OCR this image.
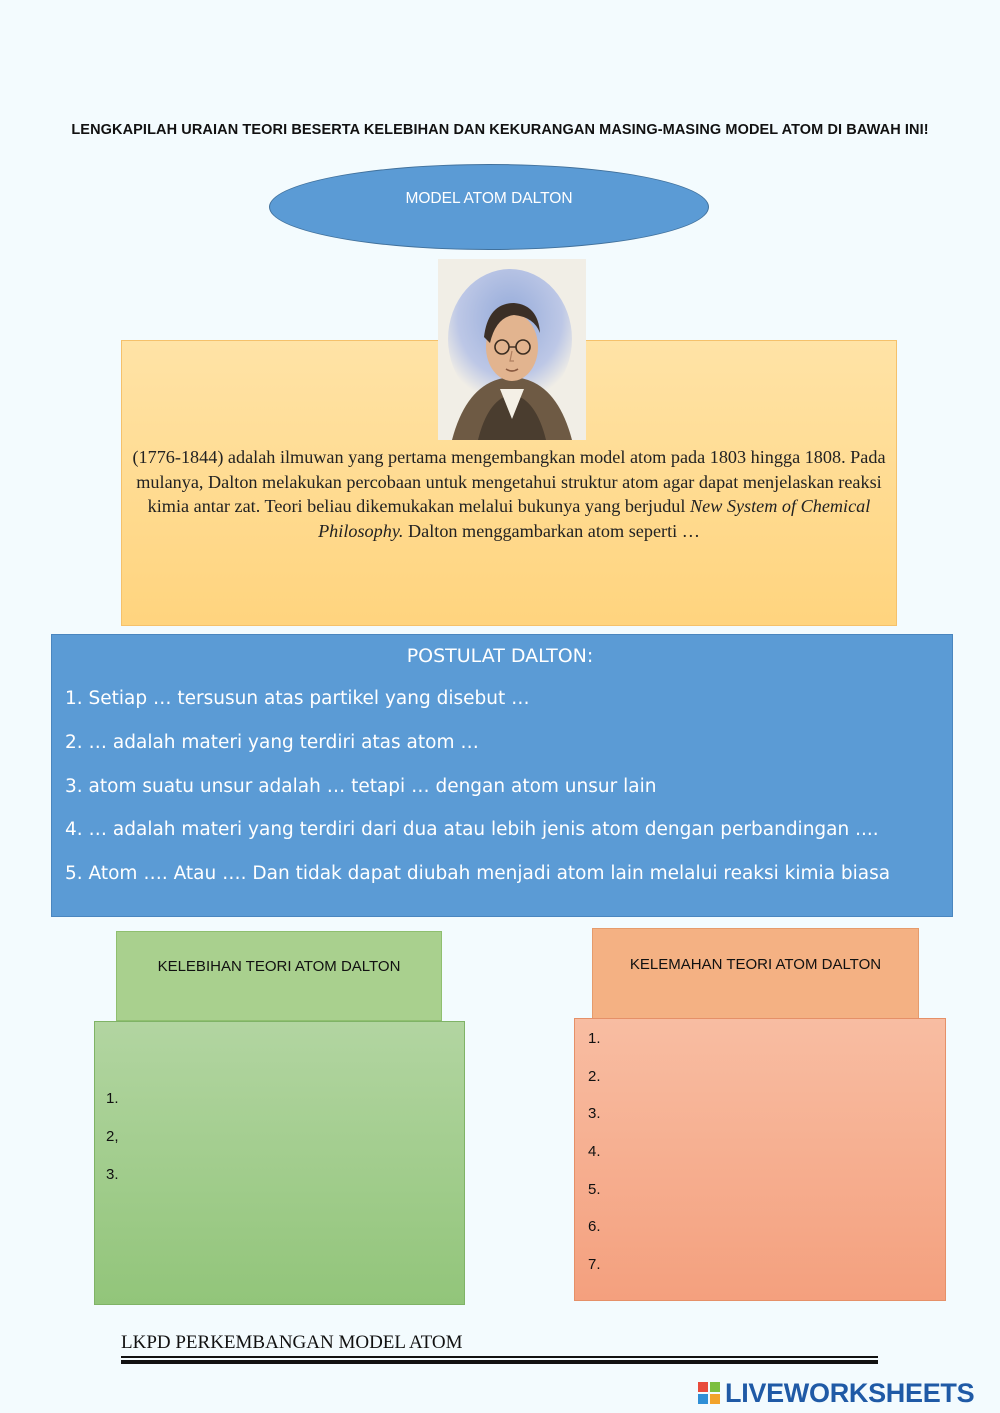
LENGKAPILAH URAIAN TEORI BESERTA KELEBIHAN DAN KEKURANGAN MASING-MASING MODEL ATOM DI BAWAH INI!
MODEL ATOM DALTON
(1776-1844) adalah ilmuwan yang pertama mengembangkan model atom pada 1803 hingga 1808. Pada mulanya, Dalton melakukan percobaan untuk mengetahui struktur atom agar dapat menjelaskan reaksi kimia antar zat. Teori beliau dikemukakan melalui bukunya yang berjudul New System of Chemical Philosophy. Dalton menggambarkan atom seperti …
POSTULAT DALTON:
1. Setiap … tersusun atas partikel yang disebut …
2. … adalah materi yang terdiri atas atom …
3. atom suatu unsur adalah … tetapi … dengan atom unsur lain
4. … adalah materi yang terdiri dari dua atau lebih jenis atom dengan perbandingan ....
5. Atom …. Atau …. Dan tidak dapat diubah menjadi atom lain melalui reaksi kimia biasa
KELEBIHAN TEORI ATOM DALTON
1.
2,
3.
KELEMAHAN TEORI ATOM DALTON
1.
2.
3.
4.
5.
6.
7.
LKPD PERKEMBANGAN MODEL ATOM
LIVEWORKSHEETS
